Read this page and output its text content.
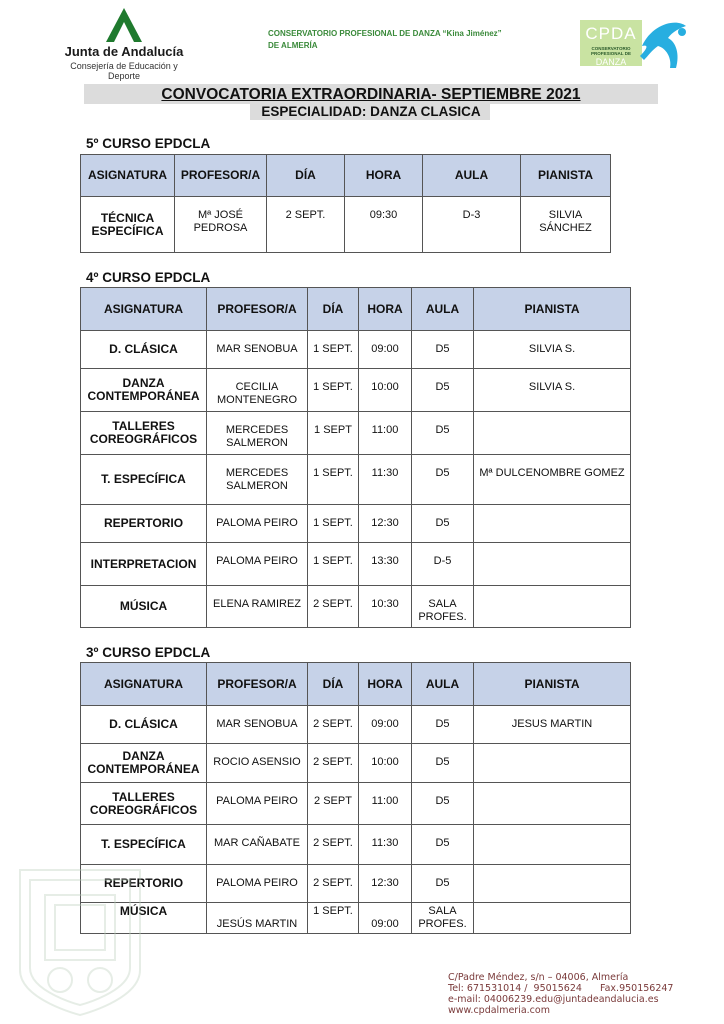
Junta de Andalucía
Consejería de Educación y Deporte
CONSERVATORIO PROFESIONAL DE DANZA “Kina Jiménez”
DE ALMERÍA
CPDA
CONSERVATORIO PROFESIONAL DE
DANZA
CONVOCATORIA EXTRAORDINARIA- SEPTIEMBRE 2021
ESPECIALIDAD: DANZA CLASICA
5º CURSO EPDCLA
ASIGNATURA	PROFESOR/A	DÍA	HORA	AULA	PIANISTA
TÉCNICA ESPECÍFICA	Mª JOSÉ PEDROSA	2 SEPT.	09:30	D-3	SILVIA SÁNCHEZ
4º CURSO EPDCLA
ASIGNATURA	PROFESOR/A	DÍA	HORA	AULA	PIANISTA
D. CLÁSICA	MAR SENOBUA	1 SEPT.	09:00	D5	SILVIA S.
DANZA CONTEMPORÁNEA	CECILIA MONTENEGRO	1 SEPT.	10:00	D5	SILVIA S.
TALLERES COREOGRÁFICOS	MERCEDES SALMERON	1 SEPT	11:00	D5	
T. ESPECÍFICA	MERCEDES SALMERON	1 SEPT.	11:30	D5	Mª DULCENOMBRE GOMEZ
REPERTORIO	PALOMA PEIRO	1 SEPT.	12:30	D5	
INTERPRETACION	PALOMA PEIRO	1 SEPT.	13:30	D-5	
MÚSICA	ELENA RAMIREZ	2 SEPT.	10:30	SALA PROFES.	
3º CURSO EPDCLA
ASIGNATURA	PROFESOR/A	DÍA	HORA	AULA	PIANISTA
D. CLÁSICA	MAR SENOBUA	2 SEPT.	09:00	D5	JESUS MARTIN
DANZA CONTEMPORÁNEA	ROCIO ASENSIO	2 SEPT.	10:00	D5	
TALLERES COREOGRÁFICOS	PALOMA PEIRO	2 SEPT	11:00	D5	
T. ESPECÍFICA	MAR CAÑABATE	2 SEPT.	11:30	D5	
REPERTORIO	PALOMA PEIRO	2 SEPT.	12:30	D5	
MÚSICA	JESÚS MARTIN	1 SEPT.	09:00	SALA PROFES.	
C/Padre Méndez, s/n – 04006, Almería
Tel: 671531014 /  95015624      Fax.950156247
e-mail: 04006239.edu@juntadeandalucia.es
www.cpdalmeria.com
